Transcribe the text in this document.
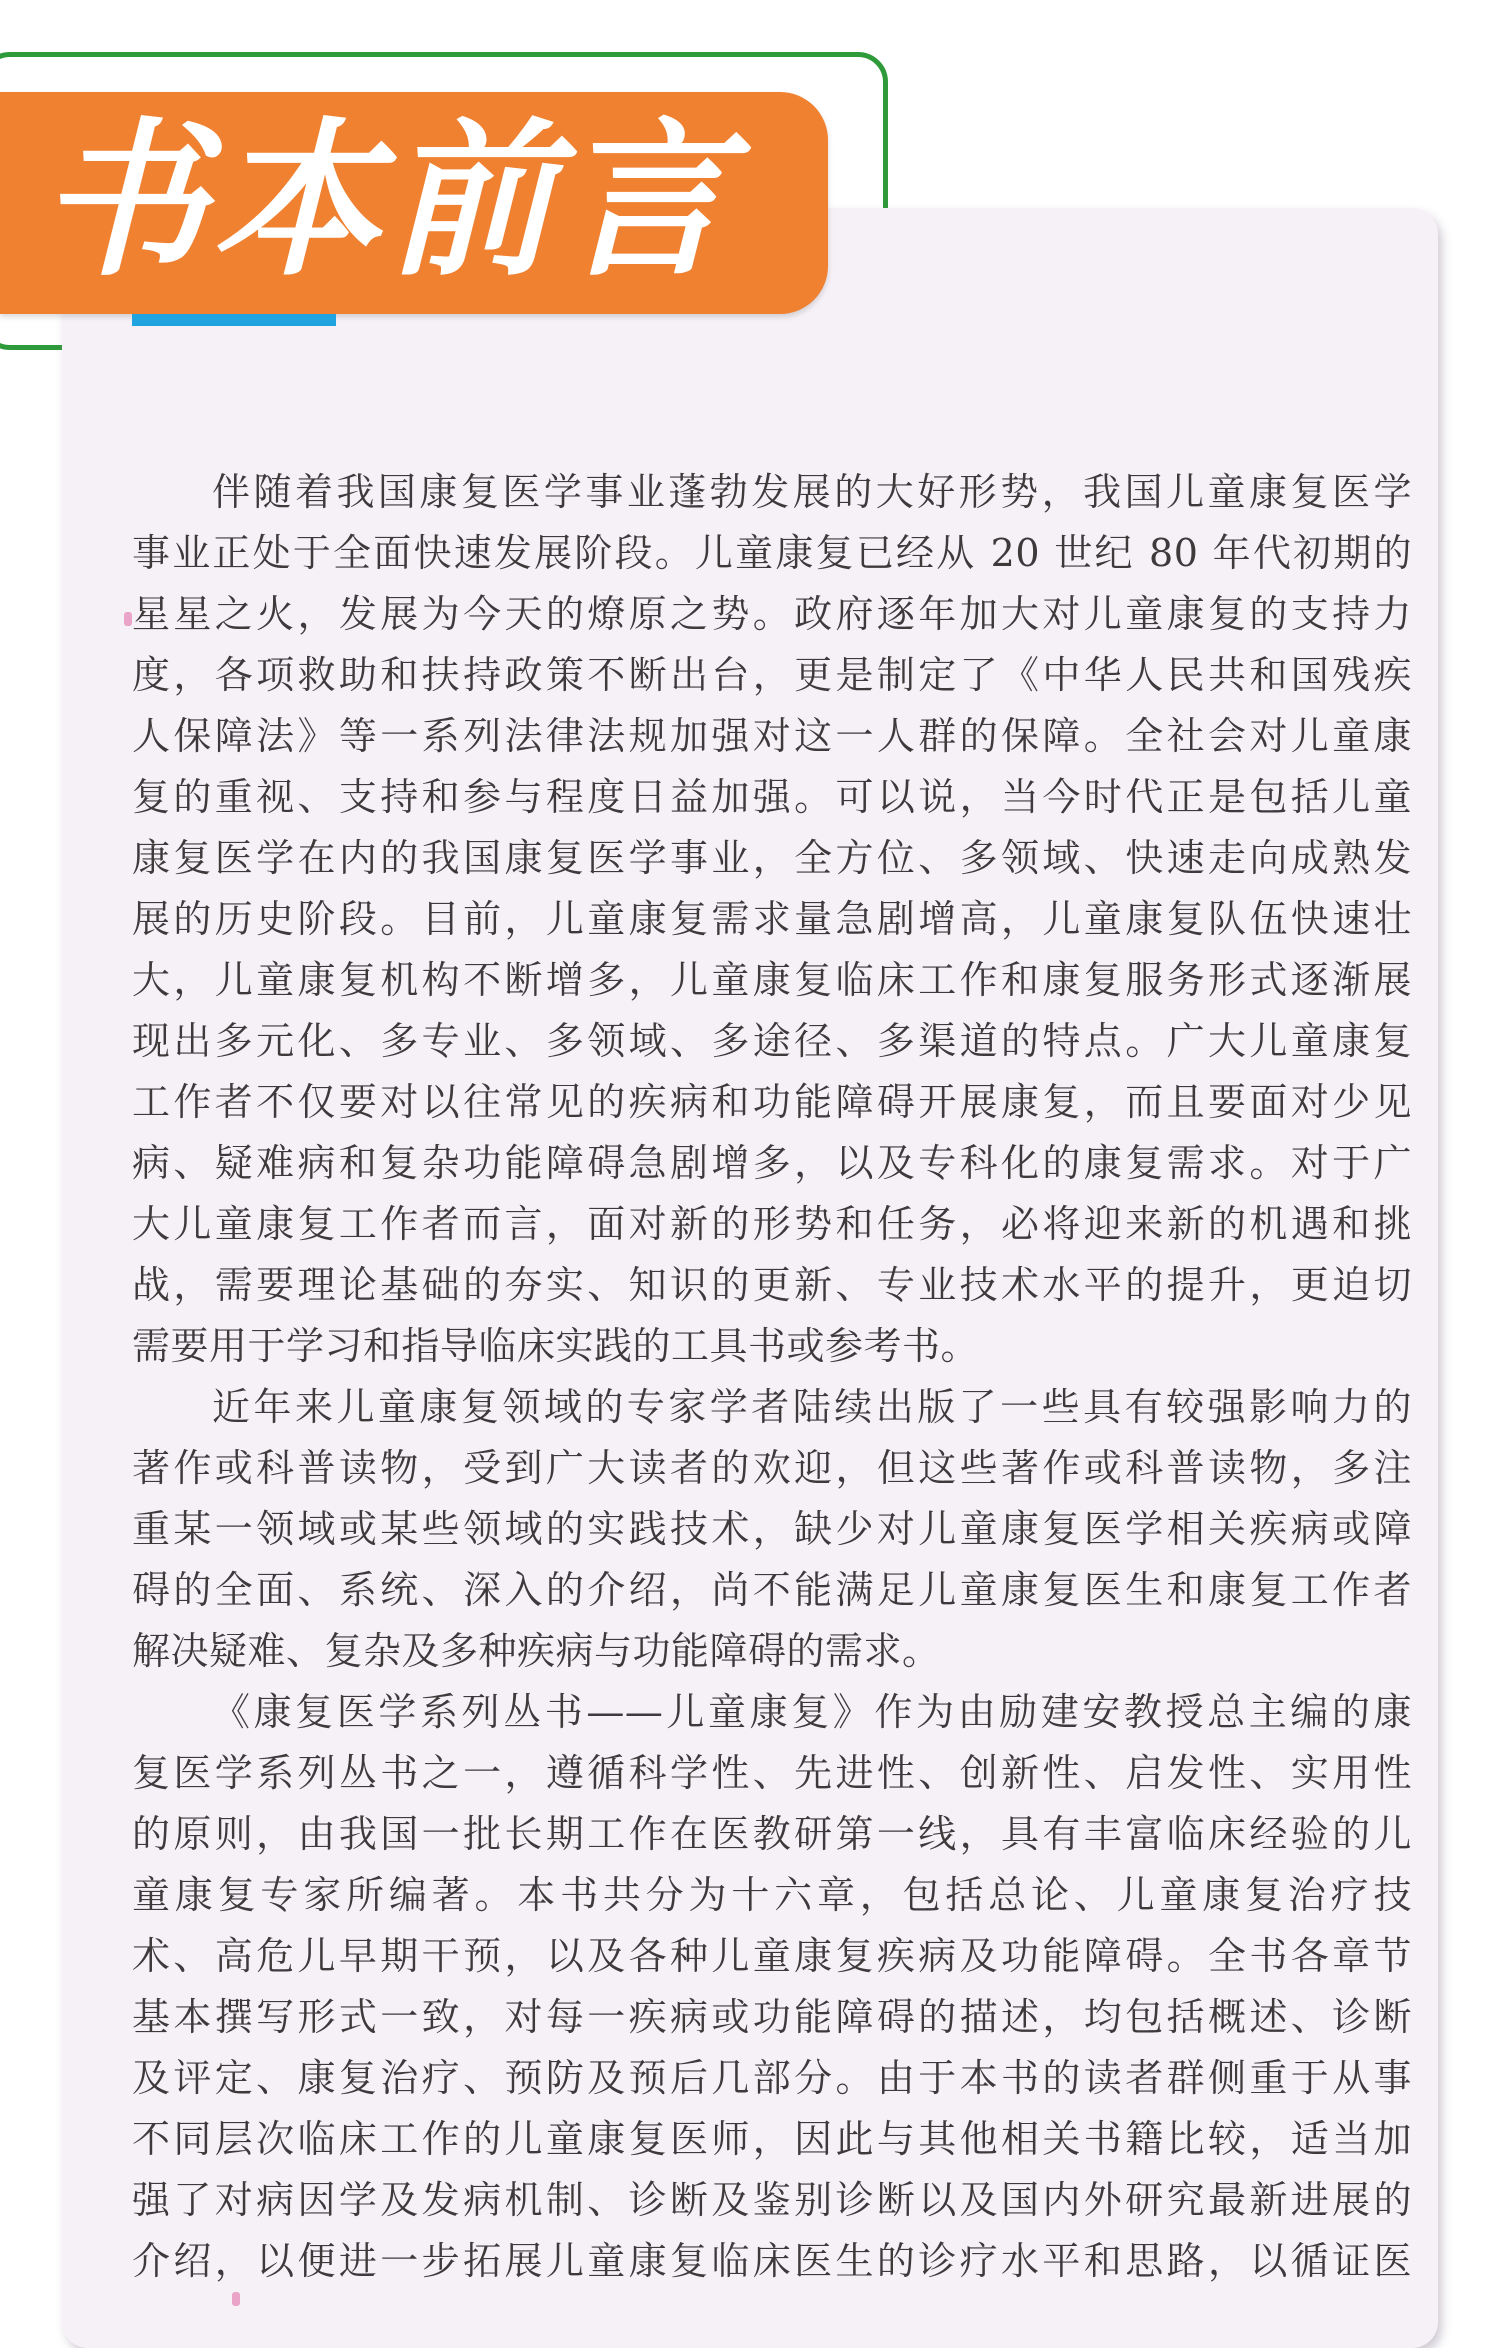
书本前言
伴随着我国康复医学事业蓬勃发展的大好形势，我国儿童康复医学
事业正处于全面快速发展阶段。儿童康复已经从 20 世纪 80 年代初期的
星星之火，发展为今天的燎原之势。政府逐年加大对儿童康复的支持力
度，各项救助和扶持政策不断出台，更是制定了《中华人民共和国残疾
人保障法》等一系列法律法规加强对这一人群的保障。全社会对儿童康
复的重视、支持和参与程度日益加强。可以说，当今时代正是包括儿童
康复医学在内的我国康复医学事业，全方位、多领域、快速走向成熟发
展的历史阶段。目前，儿童康复需求量急剧增高，儿童康复队伍快速壮
大，儿童康复机构不断增多，儿童康复临床工作和康复服务形式逐渐展
现出多元化、多专业、多领域、多途径、多渠道的特点。广大儿童康复
工作者不仅要对以往常见的疾病和功能障碍开展康复，而且要面对少见
病、疑难病和复杂功能障碍急剧增多，以及专科化的康复需求。对于广
大儿童康复工作者而言，面对新的形势和任务，必将迎来新的机遇和挑
战，需要理论基础的夯实、知识的更新、专业技术水平的提升，更迫切
需要用于学习和指导临床实践的工具书或参考书。
近年来儿童康复领域的专家学者陆续出版了一些具有较强影响力的
著作或科普读物，受到广大读者的欢迎，但这些著作或科普读物，多注
重某一领域或某些领域的实践技术，缺少对儿童康复医学相关疾病或障
碍的全面、系统、深入的介绍，尚不能满足儿童康复医生和康复工作者
解决疑难、复杂及多种疾病与功能障碍的需求。
《康复医学系列丛书——儿童康复》作为由励建安教授总主编的康
复医学系列丛书之一，遵循科学性、先进性、创新性、启发性、实用性
的原则，由我国一批长期工作在医教研第一线，具有丰富临床经验的儿
童康复专家所编著。本书共分为十六章，包括总论、儿童康复治疗技
术、高危儿早期干预，以及各种儿童康复疾病及功能障碍。全书各章节
基本撰写形式一致，对每一疾病或功能障碍的描述，均包括概述、诊断
及评定、康复治疗、预防及预后几部分。由于本书的读者群侧重于从事
不同层次临床工作的儿童康复医师，因此与其他相关书籍比较，适当加
强了对病因学及发病机制、诊断及鉴别诊断以及国内外研究最新进展的
介绍，以便进一步拓展儿童康复临床医生的诊疗水平和思路，以循证医
